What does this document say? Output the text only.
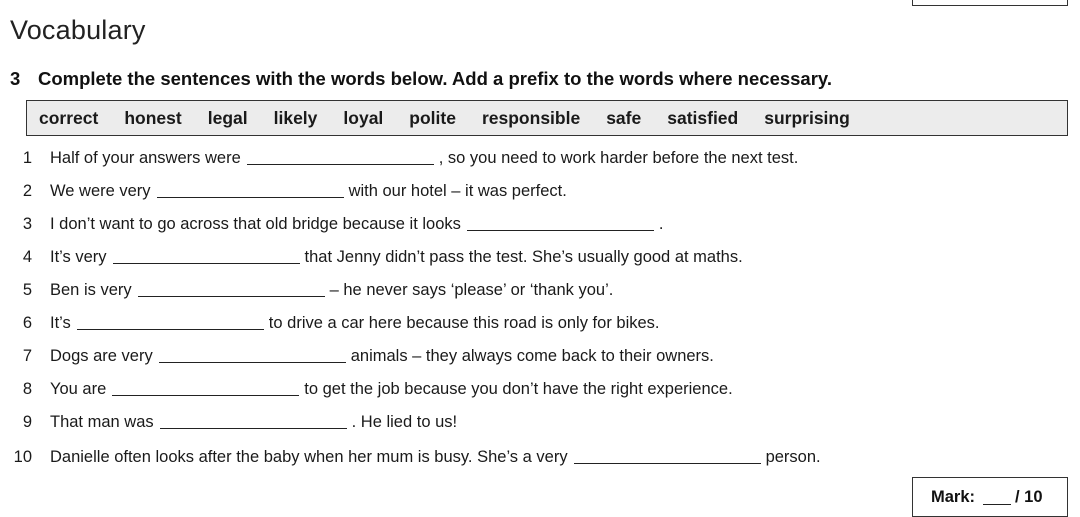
Vocabulary
3 Complete the sentences with the words below. Add a prefix to the words where necessary.
correct honest legal likely loyal polite responsible safe satisfied surprising
1	Half of your answers were	, so you need to work harder before the next test.
2	We were very	with our hotel – it was perfect.
3	I don’t want to go across that old bridge because it looks	.
4	It’s very	that Jenny didn’t pass the test. She’s usually good at maths.
5	Ben is very	– he never says ‘please’ or ‘thank you’.
6	It’s	to drive a car here because this road is only for bikes.
7	Dogs are very	animals – they always come back to their owners.
8	You are	to get the job because you don’t have the right experience.
9	That man was	. He lied to us!
10	Danielle often looks after the baby when her mum is busy. She’s a very	person.
Mark: / 10
